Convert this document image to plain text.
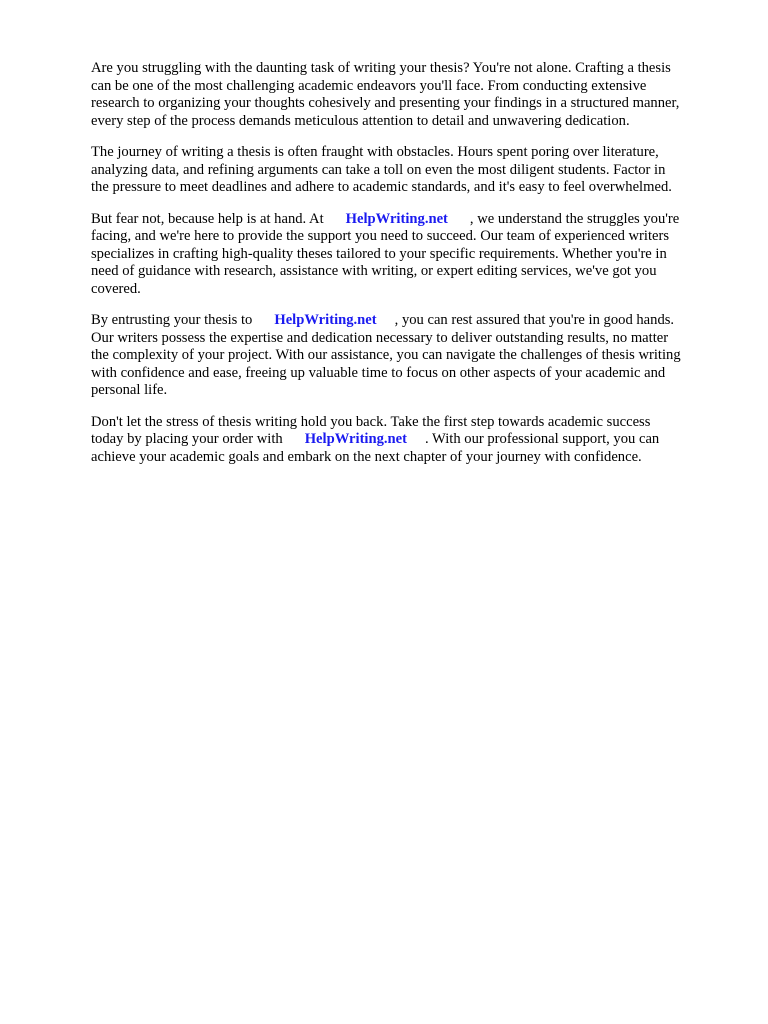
Are you struggling with the daunting task of writing your thesis? You're not alone. Crafting a thesis
can be one of the most challenging academic endeavors you'll face. From conducting extensive
research to organizing your thoughts cohesively and presenting your findings in a structured manner,
every step of the process demands meticulous attention to detail and unwavering dedication.

The journey of writing a thesis is often fraught with obstacles. Hours spent poring over literature,
analyzing data, and refining arguments can take a toll on even the most diligent students. Factor in
the pressure to meet deadlines and adhere to academic standards, and it's easy to feel overwhelmed.

But fear not, because help is at hand. At HelpWriting.net , we understand the struggles you're
facing, and we're here to provide the support you need to succeed. Our team of experienced writers
specializes in crafting high-quality theses tailored to your specific requirements. Whether you're in
need of guidance with research, assistance with writing, or expert editing services, we've got you
covered.

By entrusting your thesis to HelpWriting.net , you can rest assured that you're in good hands.
Our writers possess the expertise and dedication necessary to deliver outstanding results, no matter
the complexity of your project. With our assistance, you can navigate the challenges of thesis writing
with confidence and ease, freeing up valuable time to focus on other aspects of your academic and
personal life.

Don't let the stress of thesis writing hold you back. Take the first step towards academic success
today by placing your order with HelpWriting.net . With our professional support, you can
achieve your academic goals and embark on the next chapter of your journey with confidence.
